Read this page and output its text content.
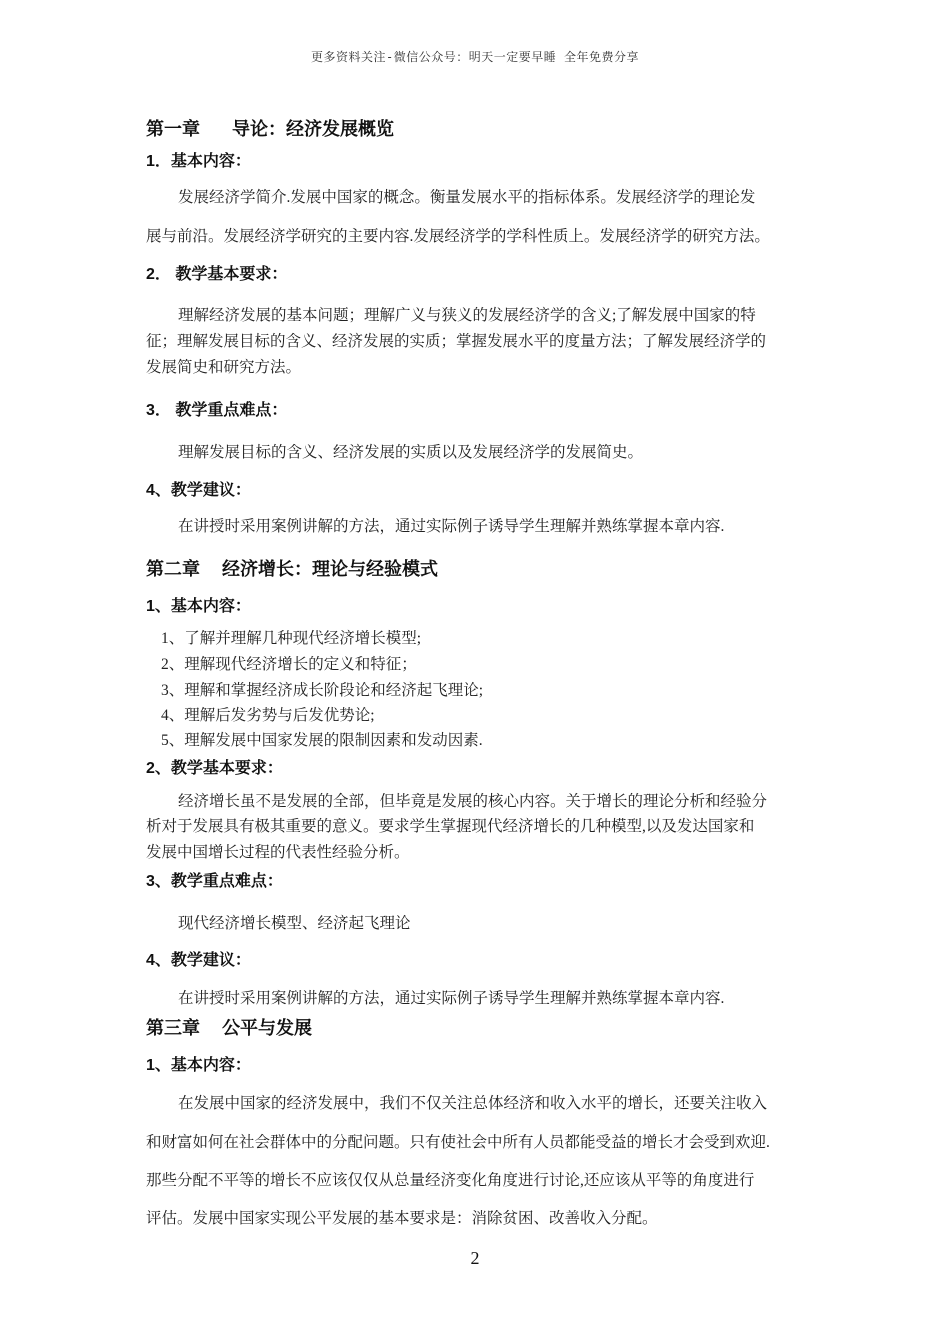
更多资料关注-微信公众号：明天一定要早睡 全年免费分享
第一章 导论：经济发展概览
1．基本内容：
发展经济学简介.发展中国家的概念。衡量发展水平的指标体系。发展经济学的理论发
展与前沿。发展经济学研究的主要内容.发展经济学的学科性质上。发展经济学的研究方法。
2． 教学基本要求：
理解经济发展的基本问题；理解广义与狭义的发展经济学的含义;了解发展中国家的特
征；理解发展目标的含义、经济发展的实质；掌握发展水平的度量方法；了解发展经济学的
发展简史和研究方法。
3． 教学重点难点：
理解发展目标的含义、经济发展的实质以及发展经济学的发展简史。
4、教学建议：
在讲授时采用案例讲解的方法，通过实际例子诱导学生理解并熟练掌握本章内容.
第二章 经济增长：理论与经验模式
1、基本内容：
1、了解并理解几种现代经济增长模型;
2、理解现代经济增长的定义和特征；
3、理解和掌握经济成长阶段论和经济起飞理论;
4、理解后发劣势与后发优势论;
5、理解发展中国家发展的限制因素和发动因素.
2、教学基本要求：
经济增长虽不是发展的全部，但毕竟是发展的核心内容。关于增长的理论分析和经验分
析对于发展具有极其重要的意义。要求学生掌握现代经济增长的几种模型,以及发达国家和
发展中国增长过程的代表性经验分析。
3、教学重点难点：
现代经济增长模型、经济起飞理论
4、教学建议：
在讲授时采用案例讲解的方法，通过实际例子诱导学生理解并熟练掌握本章内容.
第三章 公平与发展
1、基本内容：
在发展中国家的经济发展中，我们不仅关注总体经济和收入水平的增长，还要关注收入
和财富如何在社会群体中的分配问题。只有使社会中所有人员都能受益的增长才会受到欢迎.
那些分配不平等的增长不应该仅仅从总量经济变化角度进行讨论,还应该从平等的角度进行
评估。发展中国家实现公平发展的基本要求是：消除贫困、改善收入分配。
2
